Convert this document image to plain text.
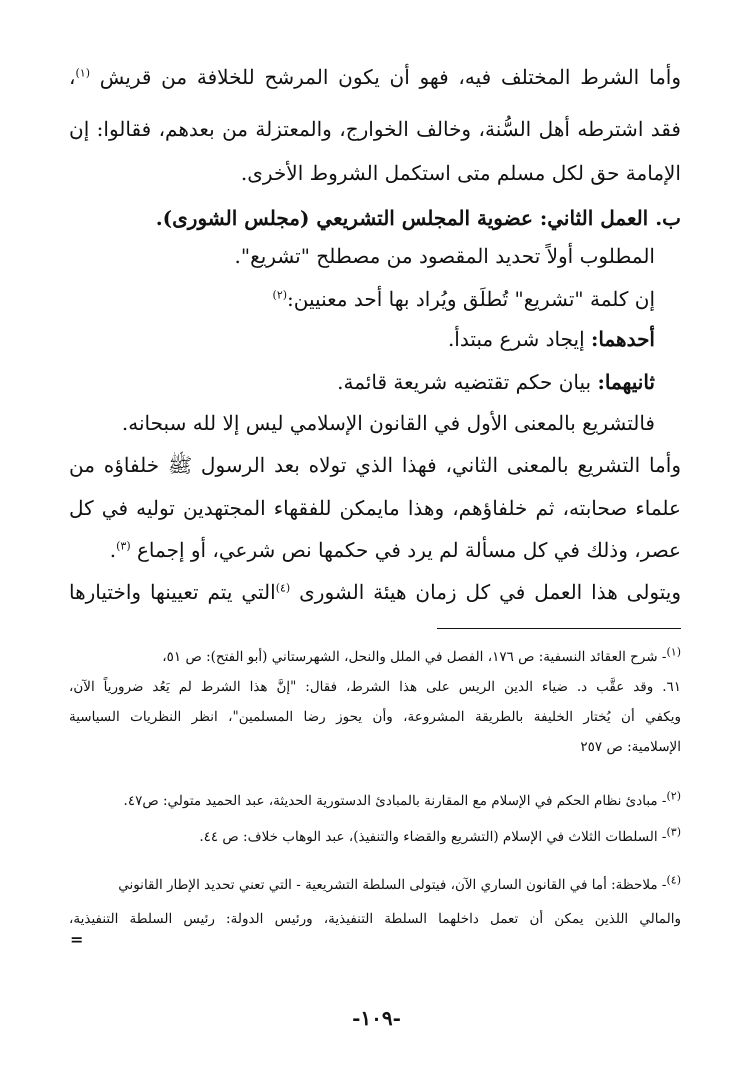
وأما الشرط المختلف فيه، فهو أن يكون المرشح للخلافة من قريش $^{(١)}$،
فقد اشترطه أهل السُّنة، وخالف الخوارج، والمعتزلة من بعدهم، فقالوا: إن
الإمامة حق لكل مسلم متى استكمل الشروط الأخرى.
ب. العمل الثاني: عضوية المجلس التشريعي (مجلس الشورى).
المطلوب أولاً تحديد المقصود من مصطلح "تشريع".
إن كلمة "تشريع" تُطلَق ويُراد بها أحد معنيين:$^{(٢)}$
أحدهما: إيجاد شرع مبتدأ.
ثانيهما: بيان حكم تقتضيه شريعة قائمة.
فالتشريع بالمعنى الأول في القانون الإسلامي ليس إلا لله سبحانه.
وأما التشريع بالمعنى الثاني، فهذا الذي تولاه بعد الرسول ﷺ خلفاؤه من
علماء صحابته، ثم خلفاؤهم، وهذا مايمكن للفقهاء المجتهدين توليه في كل
عصر، وذلك في كل مسألة لم يرد في حكمها نص شرعي، أو إجماع $^{(٣)}$.
ويتولى هذا العمل في كل زمان هيئة الشورى $^{(٤)}$التي يتم تعيينها واختيارها
$^{(١)}$- شرح العقائد النسفية: ص ١٧٦، الفصل في الملل والنحل، الشهرستاني (أبو الفتح): ص ٥١،
٦١. وقد عقَّب د. ضياء الدين الريس على هذا الشرط، فقال: "إنَّ هذا الشرط لم يَعُد ضرورياً الآن،
ويكفي أن يُختار الخليفة بالطريقة المشروعة، وأن يحوز رضا المسلمين"، انظر النظريات السياسية
الإسلامية: ص ٢٥٧
$^{(٢)}$- مبادئ نظام الحكم في الإسلام مع المقارنة بالمبادئ الدستورية الحديثة، عبد الحميد متولي: ص٤٧.
$^{(٣)}$- السلطات الثلاث في الإسلام (التشريع والقضاء والتنفيذ)، عبد الوهاب خلاف: ص ٤٤.
$^{(٤)}$- ملاحظة: أما في القانون الساري الآن، فيتولى السلطة التشريعية - التي تعني تحديد الإطار القانوني
والمالي اللذين يمكن أن تعمل داخلهما السلطة التنفيذية، ورئيس الدولة: رئيس السلطة التنفيذية،
=
-١٠٩-
